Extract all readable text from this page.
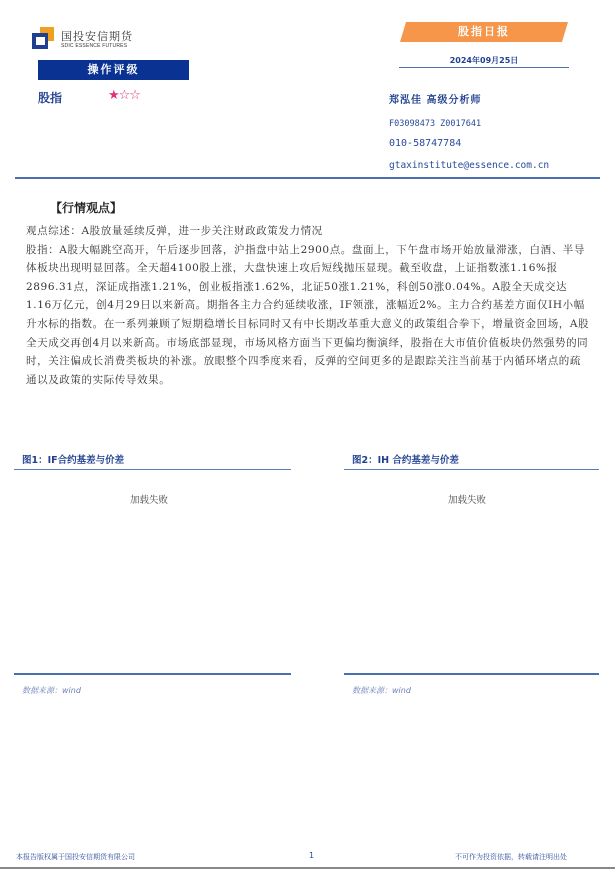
国投安信期货
SDIC ESSENCE FUTURES
操作评级
股指	★☆☆
股指日报
2024年09月25日
郑泓佳 高级分析师
F03098473 Z0017641
010-58747784
gtaxinstitute@essence.com.cn
【行情观点】

观点综述：A股放量延续反弹，进一步关注财政政策发力情况

股指：A股大幅跳空高开，午后逐步回落，沪指盘中站上2900点。盘面上，下午盘市场开始放量滞涨，白酒、半导体板块出现明显回落。全天超4100股上涨，大盘快速上攻后短线抛压显现。截至收盘，上证指数涨1.16%报2896.31点，深证成指涨1.21%，创业板指涨1.62%，北证50涨1.21%，科创50涨0.04%。A股全天成交达1.16万亿元，创4月29日以来新高。期指各主力合约延续收涨，IF领涨，涨幅近2%。主力合约基差方面仅IH小幅升水标的指数。在一系列兼顾了短期稳增长目标同时又有中长期改革重大意义的政策组合拳下，增量资金回场，A股全天成交再创4月以来新高。市场底部显现，市场风格方面当下更偏均衡演绎，股指在大市值价值板块仍然强势的同时，关注偏成长消费类板块的补涨。放眼整个四季度来看，反弹的空间更多的是跟踪关注当前基于内循环堵点的疏通以及政策的实际传导效果。

图1：IF合约基差与价差
加载失败
数据来源：wind
图2：IH 合约基差与价差
加载失败
数据来源：wind
本报告版权属于国投安信期货有限公司	1	不可作为投资依据，转载请注明出处
